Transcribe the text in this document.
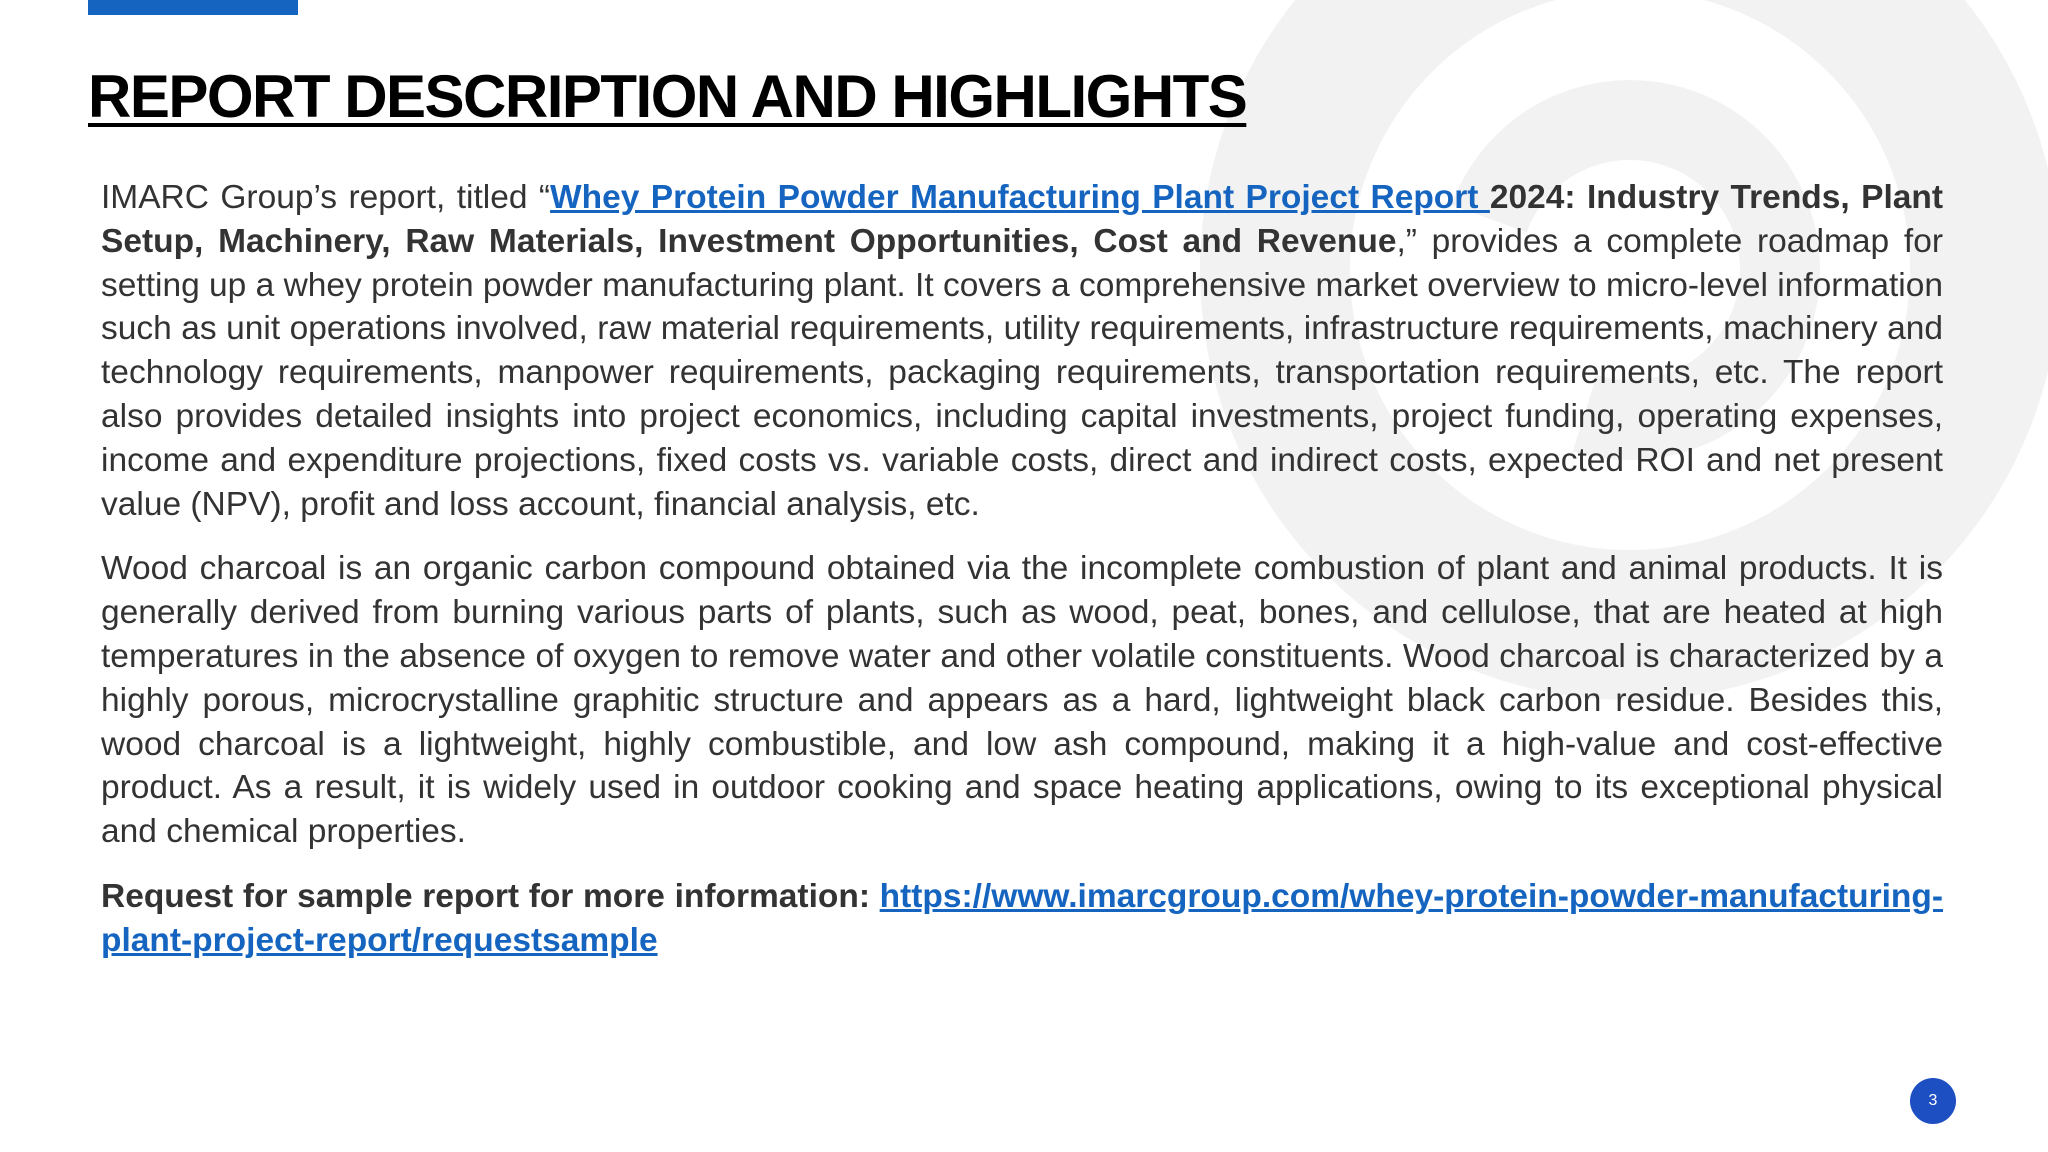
REPORT DESCRIPTION AND HIGHLIGHTS

IMARC Group’s report, titled “Whey Protein Powder Manufacturing Plant Project Report 2024: Industry Trends, Plant Setup, Machinery, Raw Materials, Investment Opportunities, Cost and Revenue,” provides a complete roadmap for setting up a whey protein powder manufacturing plant. It covers a comprehensive market overview to micro-level information such as unit operations involved, raw material requirements, utility requirements, infrastructure requirements, machinery and technology requirements, manpower requirements, packaging requirements, transportation requirements, etc. The report also provides detailed insights into project economics, including capital investments, project funding, operating expenses, income and expenditure projections, fixed costs vs. variable costs, direct and indirect costs, expected ROI and net present value (NPV), profit and loss account, financial analysis, etc.

Wood charcoal is an organic carbon compound obtained via the incomplete combustion of plant and animal products. It is generally derived from burning various parts of plants, such as wood, peat, bones, and cellulose, that are heated at high temperatures in the absence of oxygen to remove water and other volatile constituents. Wood charcoal is characterized by a highly porous, microcrystalline graphitic structure and appears as a hard, lightweight black carbon residue. Besides this, wood charcoal is a lightweight, highly combustible, and low ash compound, making it a high-value and cost-effective product. As a result, it is widely used in outdoor cooking and space heating applications, owing to its exceptional physical and chemical properties.

Request for sample report for more information: https://www.imarcgroup.com/whey-protein-powder-manufacturing-plant-project-report/requestsample

3
